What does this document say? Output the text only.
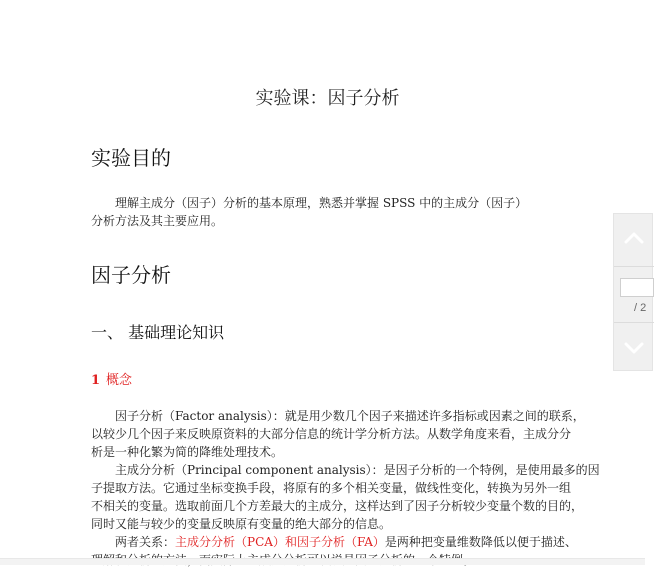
实验课：因子分析
实验目的
　　理解主成分（因子）分析的基本原理，熟悉并掌握 SPSS 中的主成分（因子）
分析方法及其主要应用。
因子分析
一、 基础理论知识
1 概念
　　因子分析（Factor analysis）：就是用少数几个因子来描述许多指标或因素之间的联系，
以较少几个因子来反映原资料的大部分信息的统计学分析方法。从数学角度来看，主成分分
析是一种化繁为简的降维处理技术。
　　主成分分析（Principal component analysis）：是因子分析的一个特例，是使用最多的因
子提取方法。它通过坐标变换手段，将原有的多个相关变量，做线性变化，转换为另外一组
不相关的变量。选取前面几个方差最大的主成分，这样达到了因子分析较少变量个数的目的，
同时又能与较少的变量反映原有变量的绝大部分的信息。
　　两者关系：主成分分析（PCA）和因子分析（FA）是两种把变量维数降低以便于描述、
/ 2
